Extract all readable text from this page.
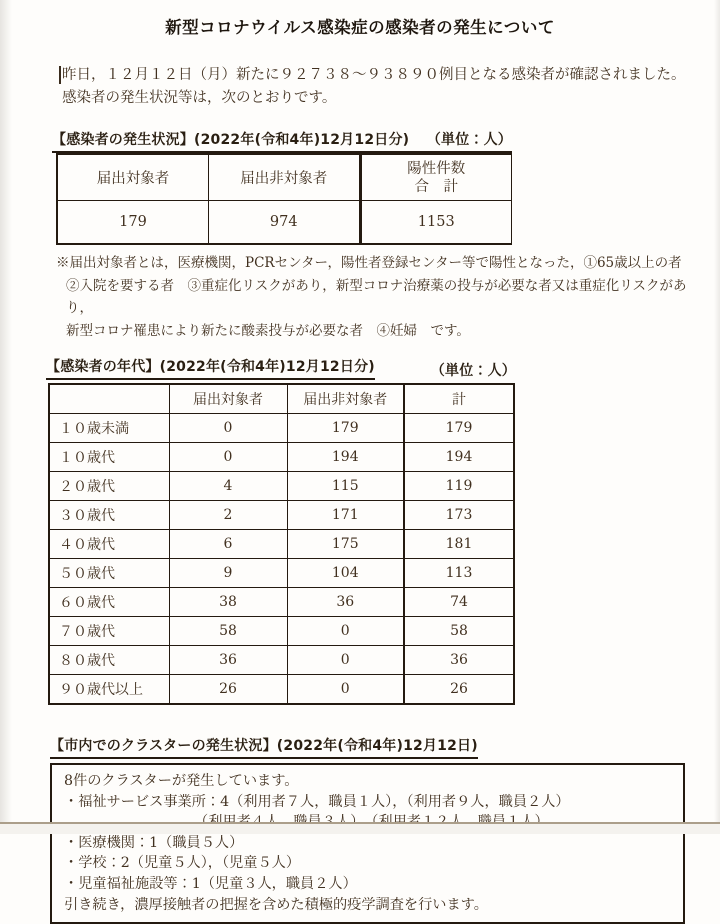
新型コロナウイルス感染症の感染者の発生について
昨日，１２月１２日（月）新たに９２７３８～９３８９０例目となる感染者が確認されました。
感染者の発生状況等は，次のとおりです。
【感染者の発生状況】(2022年(令和4年)12月12日分) （単位：人）
届出対象者	届出非対象者	陽性件数
合　計

179	974	1153
※届出対象者とは，医療機関，PCRセンター，陽性者登録センター等で陽性となった，①65歳以上の者
②入院を要する者　③重症化リスクがあり，新型コロナ治療薬の投与が必要な者又は重症化リスクがあり，
新型コロナ罹患により新たに酸素投与が必要な者　④妊婦　です。
【感染者の年代】(2022年(令和4年)12月12日分)	（単位：人）
	届出対象者	届出非対象者	計
１０歳未満	0	179	179
１０歳代	0	194	194
２０歳代	4	115	119
３０歳代	2	171	173
４０歳代	6	175	181
５０歳代	9	104	113
６０歳代	38	36	74
７０歳代	58	0	58
８０歳代	36	0	36
９０歳代以上	26	0	26
【市内でのクラスターの発生状況】(2022年(令和4年)12月12日)
8件のクラスターが発生しています。
・福祉サービス事業所：4（利用者７人，職員１人），（利用者９人，職員２人）
・医療機関：1（職員５人）
・学校：2（児童５人），（児童５人）
・児童福祉施設等：1（児童３人，職員２人）
引き続き，濃厚接触者の把握を含めた積極的疫学調査を行います。
